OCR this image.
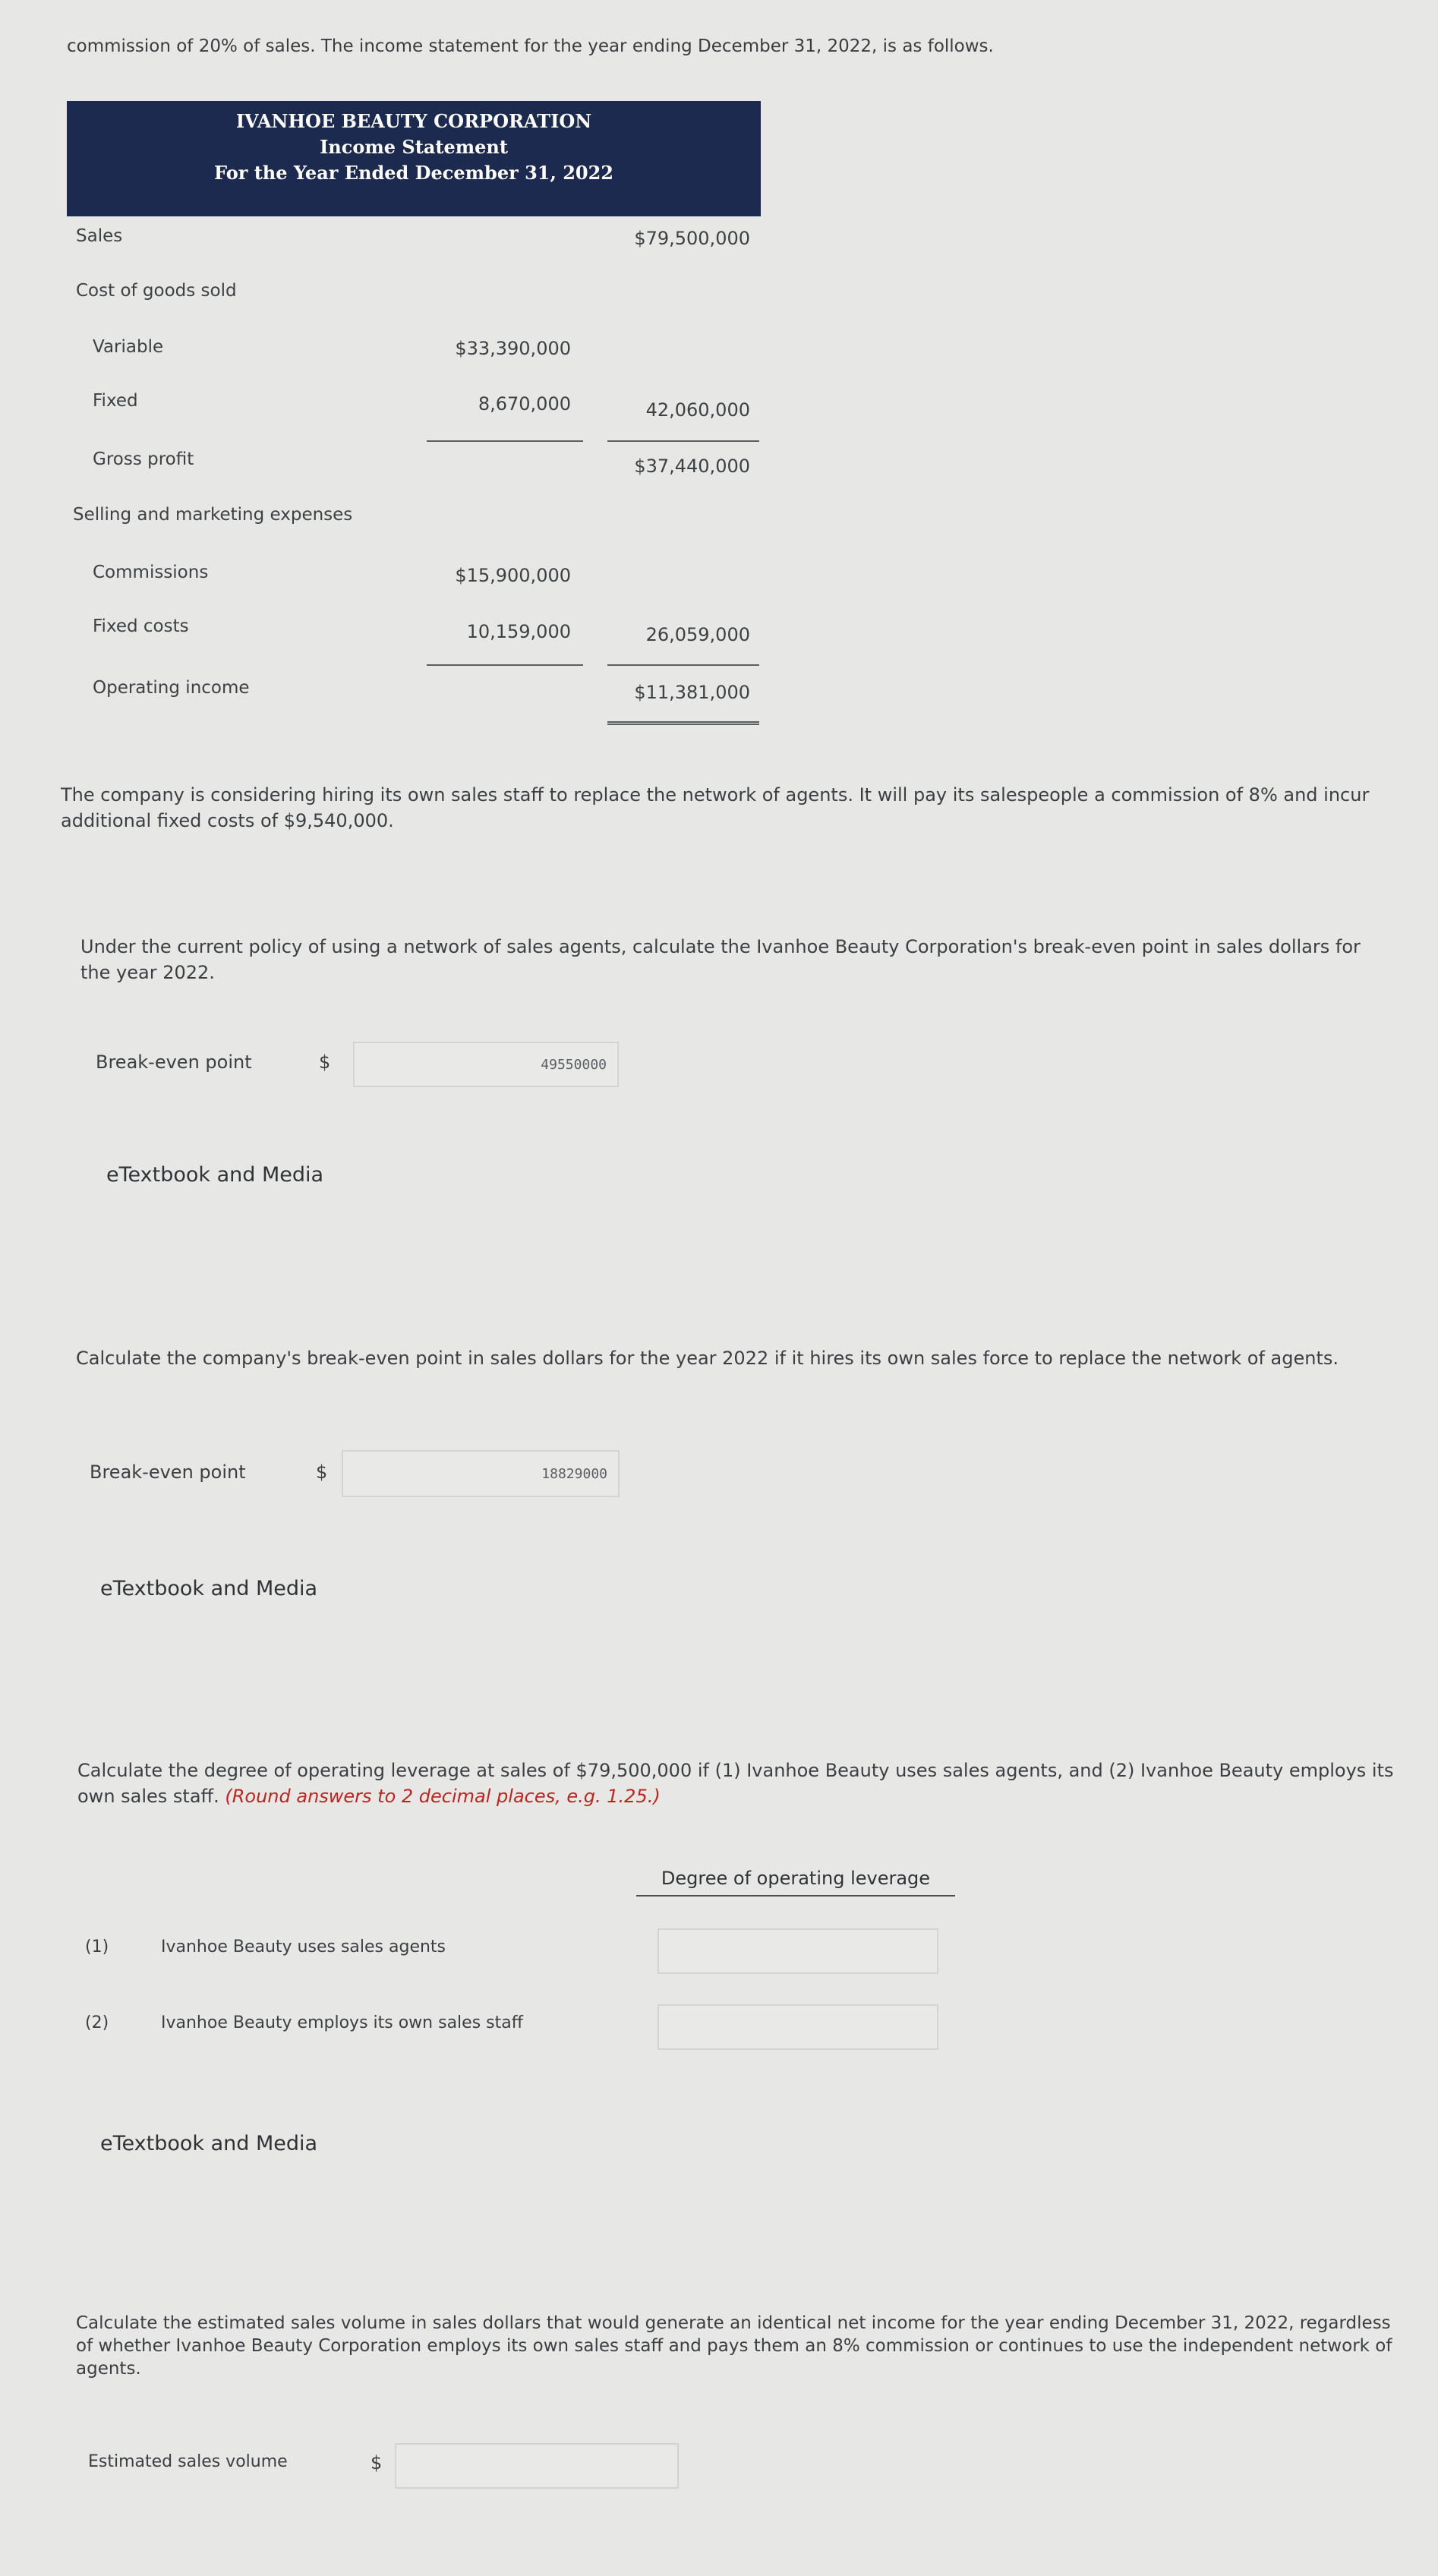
commission of 20% of sales. The income statement for the year ending December 31, 2022, is as follows.
IVANHOE BEAUTY CORPORATION
Income Statement
For the Year Ended December 31, 2022
Sales	$79,500,000
Cost of goods sold
Variable	$33,390,000
Fixed	8,670,000	42,060,000
Gross profit	$37,440,000
Selling and marketing expenses
Commissions	$15,900,000
Fixed costs	10,159,000	26,059,000
Operating income	$11,381,000
The company is considering hiring its own sales staff to replace the network of agents. It will pay its salespeople a commission of 8% and incur additional fixed costs of $9,540,000.
Under the current policy of using a network of sales agents, calculate the Ivanhoe Beauty Corporation's break-even point in sales dollars for the year 2022.
Break-even point	$	49550000
eTextbook and Media
Calculate the company's break-even point in sales dollars for the year 2022 if it hires its own sales force to replace the network of agents.
Break-even point	$	18829000
eTextbook and Media
Calculate the degree of operating leverage at sales of $79,500,000 if (1) Ivanhoe Beauty uses sales agents, and (2) Ivanhoe Beauty employs its own sales staff. (Round answers to 2 decimal places, e.g. 1.25.)
Degree of operating leverage
(1)	Ivanhoe Beauty uses sales agents
(2)	Ivanhoe Beauty employs its own sales staff
eTextbook and Media
Calculate the estimated sales volume in sales dollars that would generate an identical net income for the year ending December 31, 2022, regardless of whether Ivanhoe Beauty Corporation employs its own sales staff and pays them an 8% commission or continues to use the independent network of agents.
Estimated sales volume	$
